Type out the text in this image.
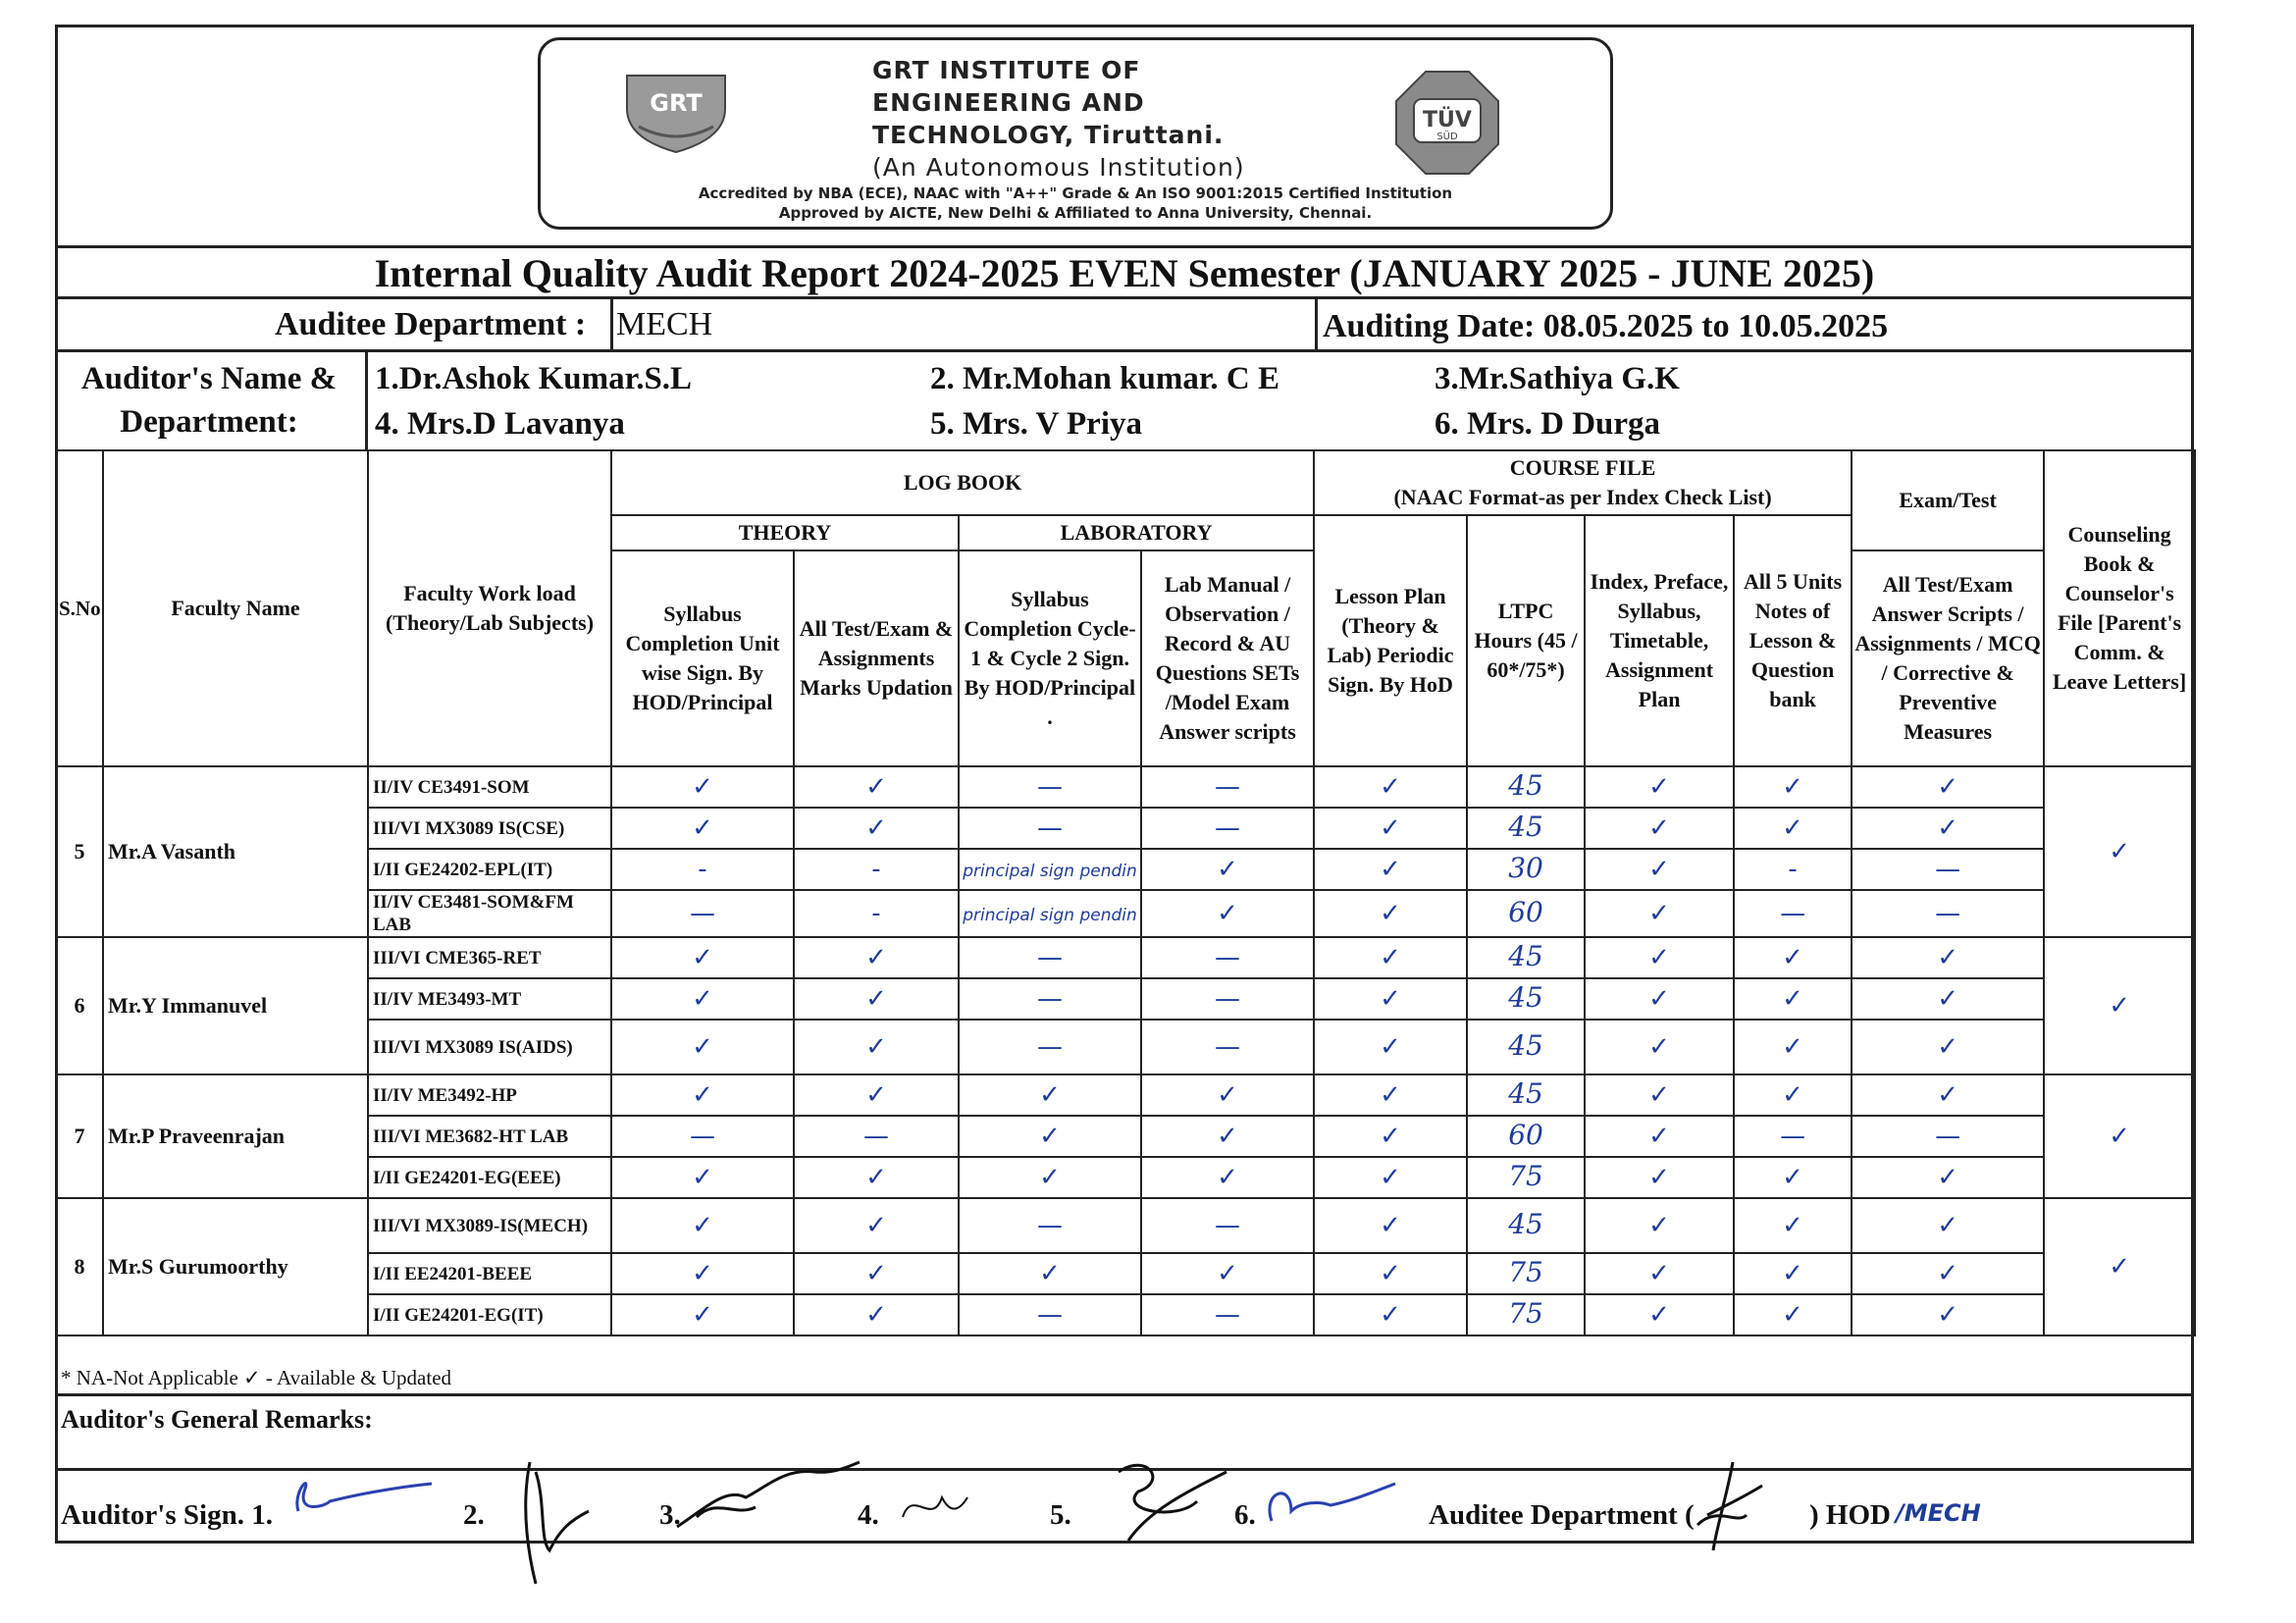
GRT
GRT INSTITUTE OF
ENGINEERING AND
TECHNOLOGY, Tiruttani.
(An Autonomous Institution)
TÜV
SÜD
Accredited by NBA (ECE), NAAC with "A++" Grade & An ISO 9001:2015 Certified Institution
Approved by AICTE, New Delhi & Affiliated to Anna University, Chennai.
Internal Quality Audit Report 2024-2025 EVEN Semester (JANUARY 2025 - JUNE 2025)
Auditee Department : MECH	Auditing Date: 08.05.2025 to 10.05.2025
Auditor's Name &
Department:
1.Dr.Ashok Kumar.S.L	2. Mr.Mohan kumar. C E	3.Mr.Sathiya G.K
4. Mrs.D Lavanya	5. Mrs. V Priya	6. Mrs. D Durga
S.No	Faculty Name	Faculty Work load (Theory/Lab Subjects)	LOG BOOK				COURSE FILE
(NAAC Format-as per Index Check List)				Exam/Test	Counseling Book & Counselor's File [Parent's Comm. & Leave Letters]
			THEORY		LABORATORY		Lesson Plan (Theory & Lab) Periodic Sign. By HoD	LTPC Hours (45 / 60*/75*)	Index, Preface, Syllabus, Timetable, Assignment Plan	All 5 Units Notes of Lesson & Question bank		
			Syllabus Completion Unit wise Sign. By HOD/Principal	All Test/Exam & Assignments Marks Updation	Syllabus Completion Cycle-1 & Cycle 2 Sign. By HOD/Principal .	Lab Manual / Observation / Record & AU Questions SETs /Model Exam Answer scripts					All Test/Exam Answer Scripts / Assignments / MCQ / Corrective & Preventive Measures	
5	Mr.A Vasanth	II/IV CE3491-SOM	✓	✓	—	—	✓	45	✓	✓	✓	✓
		III/VI MX3089 IS(CSE)	✓	✓	—	—	✓	45	✓	✓	✓	
		I/II GE24202-EPL(IT)	-	-	principal sign pendin	✓	✓	30	✓	-	—	
		II/IV CE3481-SOM&FM LAB	—	-	principal sign pendin	✓	✓	60	✓	—	—	
6	Mr.Y Immanuvel	III/VI CME365-RET	✓	✓	—	—	✓	45	✓	✓	✓	✓
		II/IV ME3493-MT	✓	✓	—	—	✓	45	✓	✓	✓	
		III/VI MX3089 IS(AIDS)	✓	✓	—	—	✓	45	✓	✓	✓	
7	Mr.P Praveenrajan	II/IV ME3492-HP	✓	✓	✓	✓	✓	45	✓	✓	✓	✓
		III/VI ME3682-HT LAB	—	—	✓	✓	✓	60	✓	—	—	
		I/II GE24201-EG(EEE)	✓	✓	✓	✓	✓	75	✓	✓	✓	
8	Mr.S Gurumoorthy	III/VI MX3089-IS(MECH)	✓	✓	—	—	✓	45	✓	✓	✓	✓
		I/II EE24201-BEEE	✓	✓	✓	✓	✓	75	✓	✓	✓	
		I/II GE24201-EG(IT)	✓	✓	—	—	✓	75	✓	✓	✓	
* NA-Not Applicable ✓ - Available & Updated
Auditor's General Remarks:
Auditor's Sign. 1.	2.	3.	4.	5.	6.	Auditee Department (	) HOD /MECH
